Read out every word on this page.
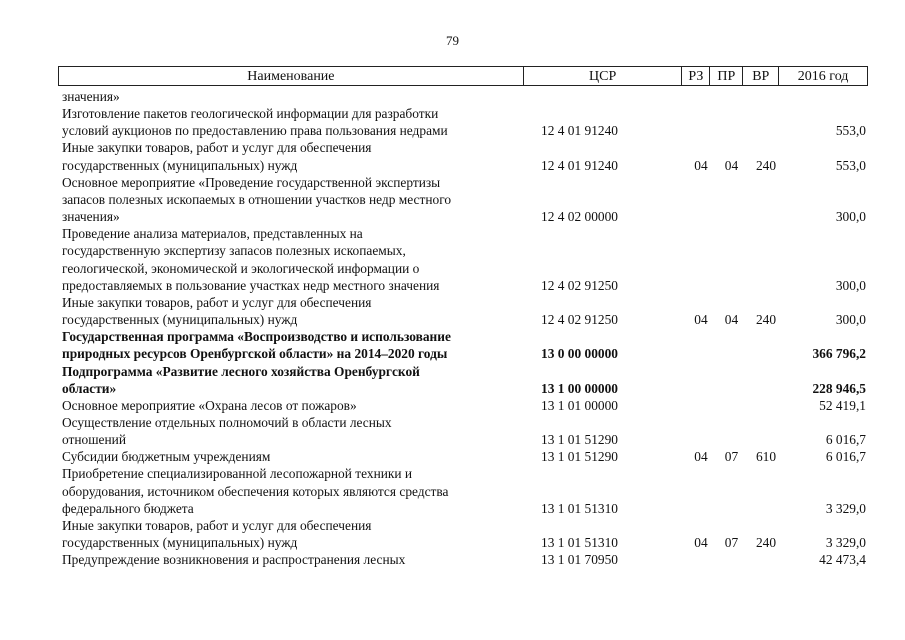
79
Наименование	ЦСР	РЗ ПР	ВР	2016 год
значения»
Изготовление пакетов геологической информации для разработки
условий аукционов по предоставлению права пользования недрами	12 4 01 91240	553,0
Иные закупки товаров, работ и услуг для обеспечения
государственных (муниципальных) нужд	12 4 01 91240	04	04	240	553,0
Основное мероприятие «Проведение государственной экспертизы
запасов полезных ископаемых в отношении участков недр местного
значения»	12 4 02 00000	300,0
Проведение анализа материалов, представленных на
государственную экспертизу запасов полезных ископаемых,
геологической, экономической и экологической информации о
предоставляемых в пользование участках недр местного значения	12 4 02 91250	300,0
Иные закупки товаров, работ и услуг для обеспечения
государственных (муниципальных) нужд	12 4 02 91250	04	04	240	300,0
Государственная программа «Воспроизводство и использование
природных ресурсов Оренбургской области» на 2014–2020 годы	13 0 00 00000	366 796,2
Подпрограмма «Развитие лесного хозяйства Оренбургской
области»	13 1 00 00000	228 946,5
Основное мероприятие «Охрана лесов от пожаров»	13 1 01 00000	52 419,1
Осуществление отдельных полномочий в области лесных
отношений	13 1 01 51290	6 016,7
Субсидии бюджетным учреждениям	13 1 01 51290	04	07	610	6 016,7
Приобретение специализированной лесопожарной техники и
оборудования, источником обеспечения которых являются средства
федерального бюджета	13 1 01 51310	3 329,0
Иные закупки товаров, работ и услуг для обеспечения
государственных (муниципальных) нужд	13 1 01 51310	04	07	240	3 329,0
Предупреждение возникновения и распространения лесных	13 1 01 70950	42 473,4
